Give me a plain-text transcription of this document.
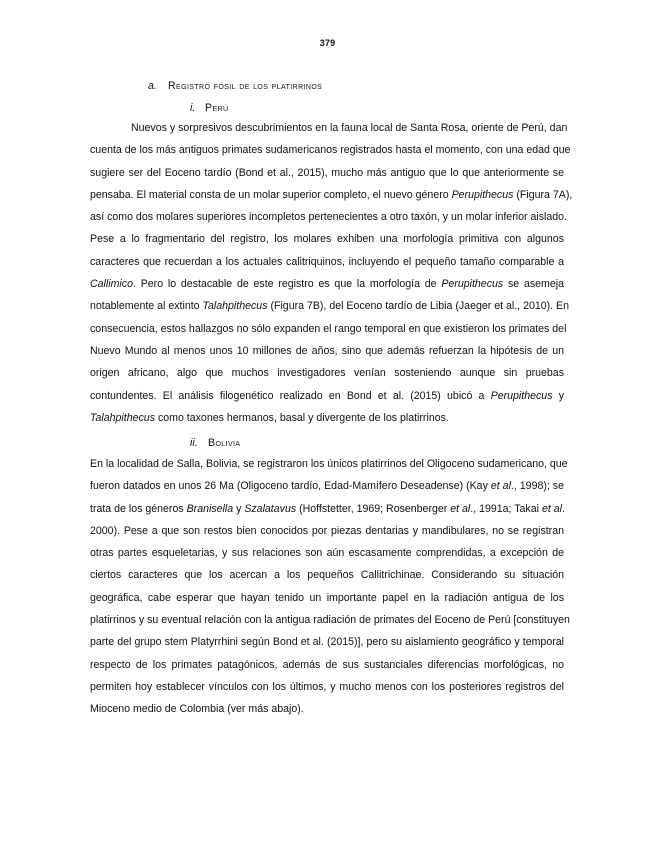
379
a. Registro fósil de los platirrinos
i. Perú
Nuevos y sorpresivos descubrimientos en la fauna local de Santa Rosa, oriente de Perú, dan
cuenta de los más antiguos primates sudamericanos registrados hasta el momento, con una edad que
sugiere ser del Eoceno tardío (Bond et al., 2015), mucho más antiguo que lo que anteriormente se
pensaba. El material consta de un molar superior completo, el nuevo género Perupithecus (Figura 7A),
así como dos molares superiores incompletos pertenecientes a otro taxón, y un molar inferior aislado.
Pese a lo fragmentario del registro, los molares exhiben una morfología primitiva con algunos
caracteres que recuerdan a los actuales calitriquinos, incluyendo el pequeño tamaño comparable a
Callimico. Pero lo destacable de este registro es que la morfología de Perupithecus se asemeja
notablemente al extinto Talahpithecus (Figura 7B), del Eoceno tardío de Libia (Jaeger et al., 2010). En
consecuencia, estos hallazgos no sólo expanden el rango temporal en que existieron los primates del
Nuevo Mundo al menos unos 10 millones de años, sino que además refuerzan la hipótesis de un
origen africano, algo que muchos investigadores venían sosteniendo aunque sin pruebas
contundentes. El análisis filogenético realizado en Bond et al. (2015) ubicó a Perupithecus y
Talahpithecus como taxones hermanos, basal y divergente de los platirrinos.
ii. Bolivia
En la localidad de Salla, Bolivia, se registraron los únicos platirrinos del Oligoceno sudamericano, que
fueron datados en unos 26 Ma (Oligoceno tardío, Edad-Mamífero Deseadense) (Kay et al., 1998); se
trata de los géneros Branisella y Szalatavus (Hoffstetter, 1969; Rosenberger et al., 1991a; Takai et al.
2000). Pese a que son restos bien conocidos por piezas dentarias y mandibulares, no se registran
otras partes esqueletarias, y sus relaciones son aún escasamente comprendidas, a excepción de
ciertos caracteres que los acercan a los pequeños Callitrichinae. Considerando su situación
geográfica, cabe esperar que hayan tenido un importante papel en la radiación antigua de los
platirrinos y su eventual relación con la antigua radiación de primates del Eoceno de Perú [constituyen
parte del grupo stem Platyrrhini según Bond et al. (2015)], pero su aislamiento geográfico y temporal
respecto de los primates patagónicos, además de sus sustanciales diferencias morfológicas, no
permiten hoy establecer vínculos con los últimos, y mucho menos con los posteriores registros del
Mioceno medio de Colombia (ver más abajo).
